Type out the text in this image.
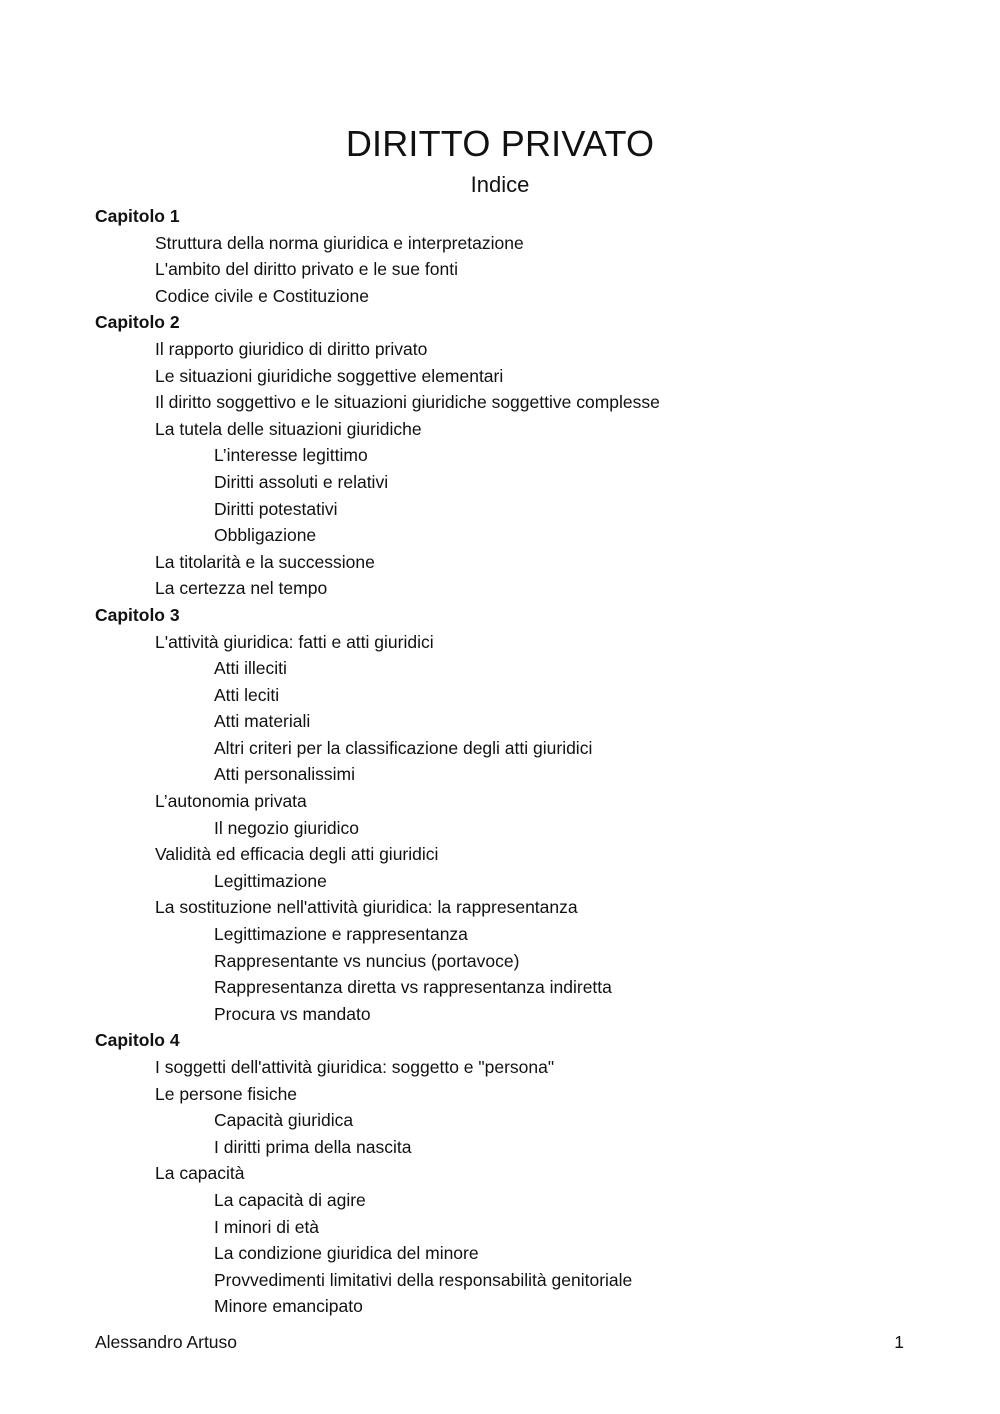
DIRITTO PRIVATO
Indice
Capitolo 1
Struttura della norma giuridica e interpretazione
L'ambito del diritto privato e le sue fonti
Codice civile e Costituzione
Capitolo 2
Il rapporto giuridico di diritto privato
Le situazioni giuridiche soggettive elementari
Il diritto soggettivo e le situazioni giuridiche soggettive complesse
La tutela delle situazioni giuridiche
L’interesse legittimo
Diritti assoluti e relativi
Diritti potestativi
Obbligazione
La titolarità e la successione
La certezza nel tempo
Capitolo 3
L'attività giuridica: fatti e atti giuridici
Atti illeciti
Atti leciti
Atti materiali
Altri criteri per la classificazione degli atti giuridici
Atti personalissimi
L’autonomia privata
Il negozio giuridico
Validità ed efficacia degli atti giuridici
Legittimazione
La sostituzione nell'attività giuridica: la rappresentanza
Legittimazione e rappresentanza
Rappresentante vs nuncius (portavoce)
Rappresentanza diretta vs rappresentanza indiretta
Procura vs mandato
Capitolo 4
I soggetti dell'attività giuridica: soggetto e "persona"
Le persone fisiche
Capacità giuridica
I diritti prima della nascita
La capacità
La capacità di agire
I minori di età
La condizione giuridica del minore
Provvedimenti limitativi della responsabilità genitoriale
Minore emancipato
Alessandro Artuso	1
